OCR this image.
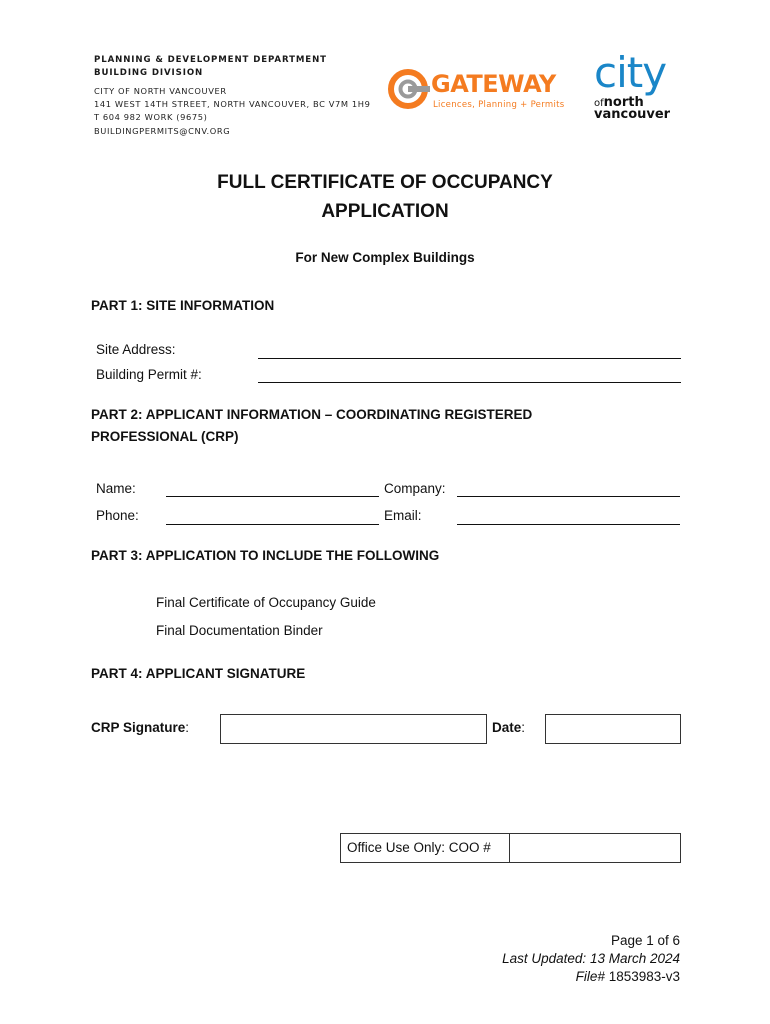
PLANNING & DEVELOPMENT DEPARTMENT
BUILDING DIVISION
CITY OF NORTH VANCOUVER
141 WEST 14TH STREET, NORTH VANCOUVER, BC V7M 1H9
T 604 982 WORK (9675)
BUILDINGPERMITS@CNV.ORG
GATEWAY
Licences, Planning + Permits
city
ofnorth
vancouver
FULL CERTIFICATE OF OCCUPANCY
APPLICATION
For New Complex Buildings
PART 1: SITE INFORMATION
Site Address:
Building Permit #:
PART 2: APPLICANT INFORMATION – COORDINATING REGISTERED
PROFESSIONAL (CRP)
Name:	Company:
Phone:	Email:
PART 3: APPLICATION TO INCLUDE THE FOLLOWING
Final Certificate of Occupancy Guide
Final Documentation Binder
PART 4: APPLICANT SIGNATURE
CRP Signature:	Date:
Office Use Only: COO #
Page 1 of 6
Last Updated: 13 March 2024
File# 1853983-v3
